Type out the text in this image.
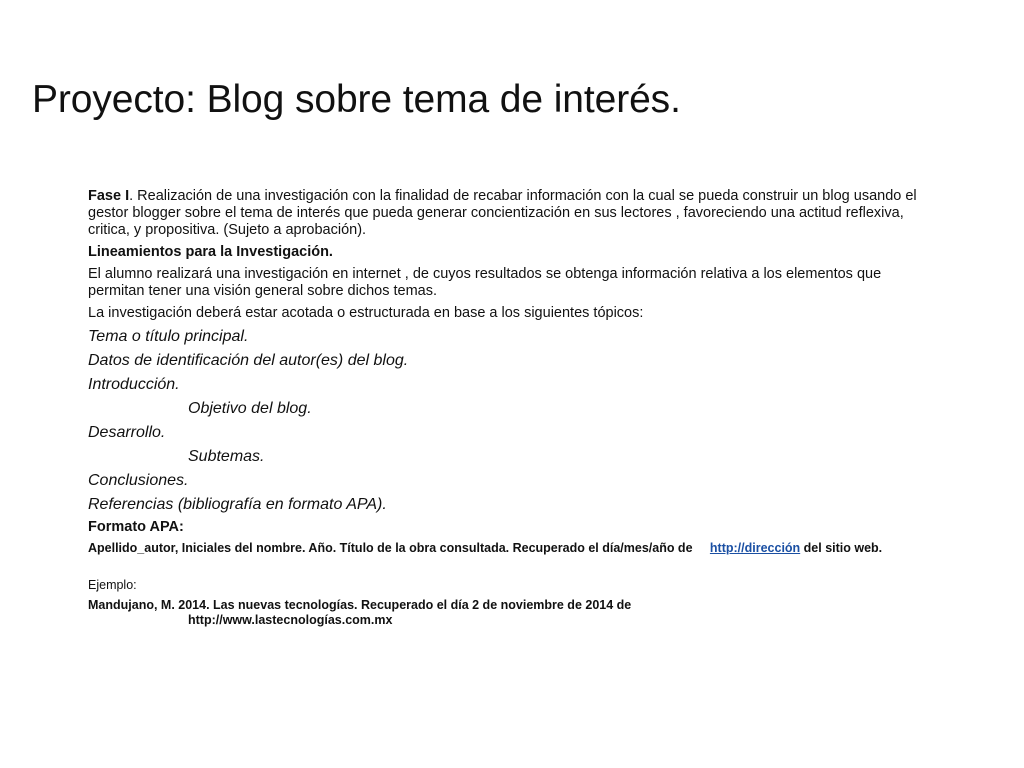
Proyecto: Blog sobre tema de interés.

Fase I. Realización de una investigación con la finalidad de recabar información con la cual se pueda construir un blog usando el gestor blogger sobre el tema de interés que pueda generar concientización en sus lectores , favoreciendo una actitud reflexiva, critica, y propositiva. (Sujeto a aprobación).

Lineamientos para la Investigación.

El alumno realizará una investigación en internet , de cuyos resultados se obtenga información relativa a los elementos que permitan tener una visión general sobre dichos temas.

La investigación deberá estar acotada o estructurada en base a los siguientes tópicos:

Tema o título principal.

Datos de identificación del autor(es) del blog.

Introducción.

Objetivo del blog.

Desarrollo.

Subtemas.

Conclusiones.

Referencias (bibliografía en formato APA).

Formato APA:

Apellido_autor, Iniciales del nombre. Año. Título de la obra consultada. Recuperado el día/mes/año de http://dirección del sitio web.

Ejemplo:

Mandujano, M. 2014. Las nuevas tecnologías. Recuperado el día 2 de noviembre de 2014 de
http://www.lastecnologías.com.mx
